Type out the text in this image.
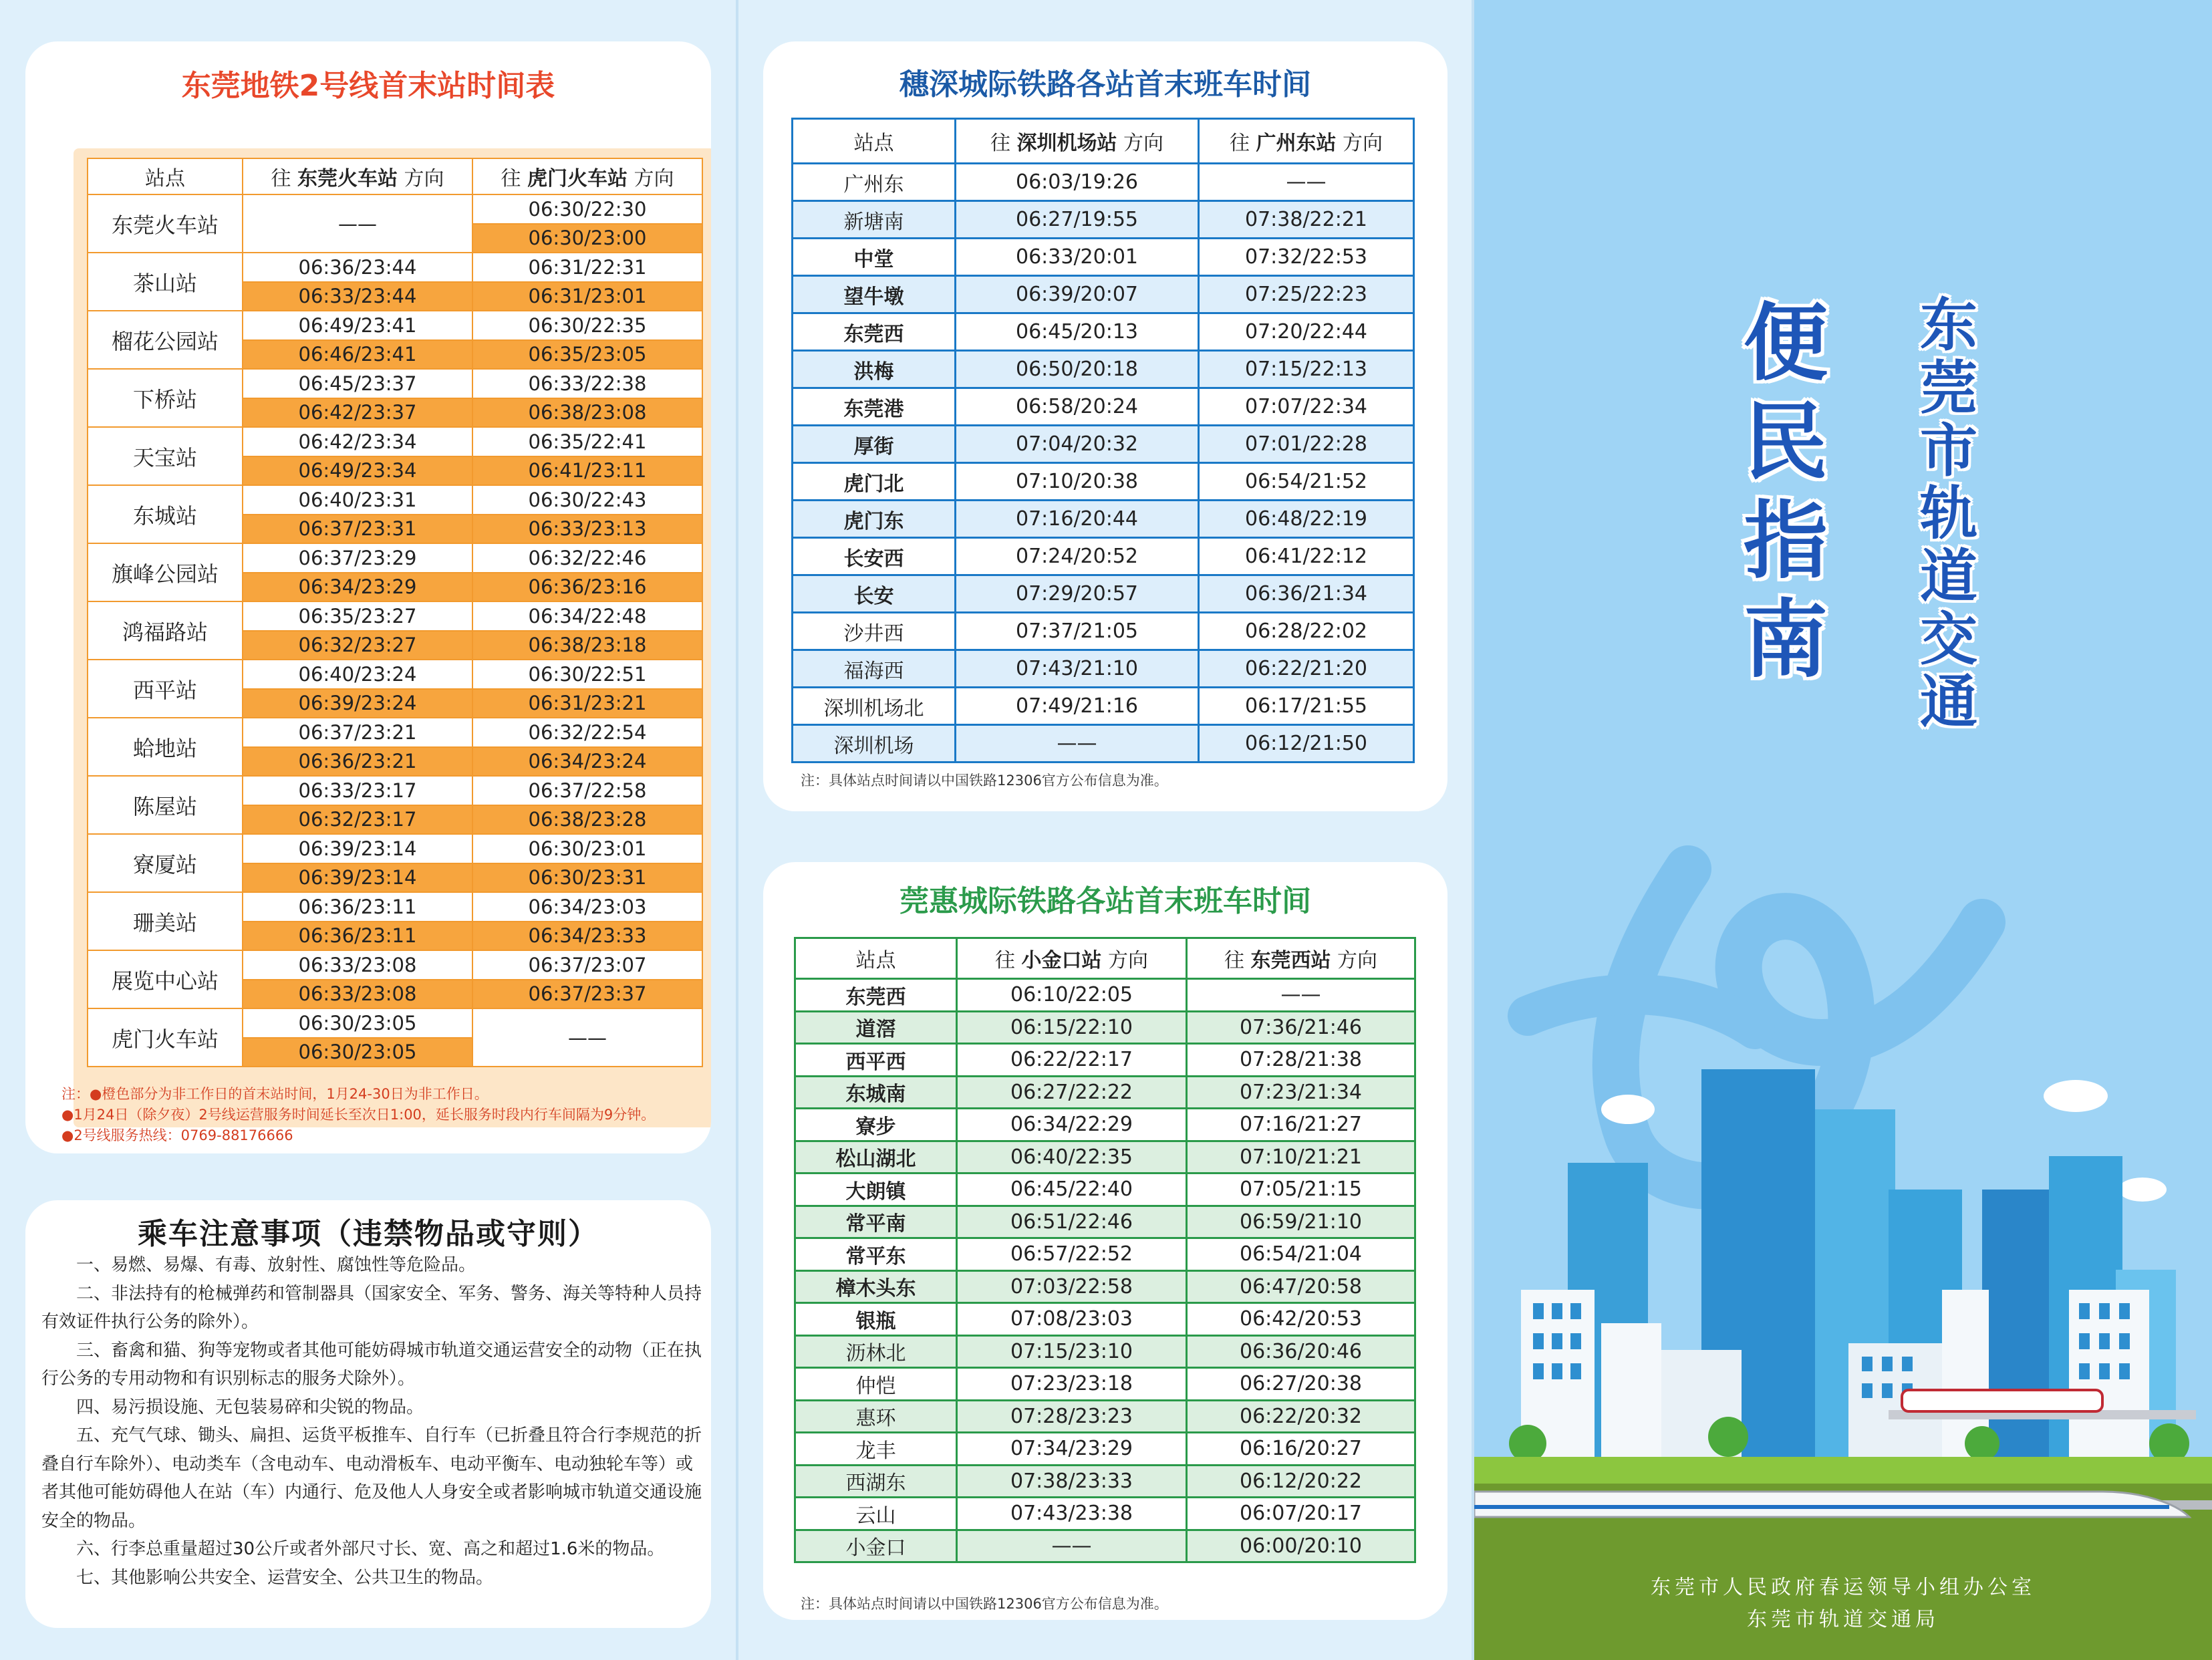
东莞地铁2号线首末站时间表
站点	往 东莞火车站 方向	往 虎门火车站 方向
东莞火车站	——	06:30/22:30
		06:30/23:00
茶山站	06:36/23:44	06:31/22:31
	06:33/23:44	06:31/23:01
榴花公园站	06:49/23:41	06:30/22:35
	06:46/23:41	06:35/23:05
下桥站	06:45/23:37	06:33/22:38
	06:42/23:37	06:38/23:08
天宝站	06:42/23:34	06:35/22:41
	06:49/23:34	06:41/23:11
东城站	06:40/23:31	06:30/22:43
	06:37/23:31	06:33/23:13
旗峰公园站	06:37/23:29	06:32/22:46
	06:34/23:29	06:36/23:16
鸿福路站	06:35/23:27	06:34/22:48
	06:32/23:27	06:38/23:18
西平站	06:40/23:24	06:30/22:51
	06:39/23:24	06:31/23:21
蛤地站	06:37/23:21	06:32/22:54
	06:36/23:21	06:34/23:24
陈屋站	06:33/23:17	06:37/22:58
	06:32/23:17	06:38/23:28
寮厦站	06:39/23:14	06:30/23:01
	06:39/23:14	06:30/23:31
珊美站	06:36/23:11	06:34/23:03
	06:36/23:11	06:34/23:33
展览中心站	06:33/23:08	06:37/23:07
	06:33/23:08	06:37/23:37
虎门火车站	06:30/23:05	——
	06:30/23:05	
注：●橙色部分为非工作日的首末站时间，1月24-30日为非工作日。
●1月24日（除夕夜）2号线运营服务时间延长至次日1:00，延长服务时段内行车间隔为9分钟。
●2号线服务热线：0769-88176666
乘车注意事项（违禁物品或守则）

一、易燃、易爆、有毒、放射性、腐蚀性等危险品。

二、非法持有的枪械弹药和管制器具（国家安全、军务、警务、海关等特种人员持有效证件执行公务的除外）。

三、畜禽和猫、狗等宠物或者其他可能妨碍城市轨道交通运营安全的动物（正在执行公务的专用动物和有识别标志的服务犬除外）。

四、易污损设施、无包装易碎和尖锐的物品。

五、充气气球、锄头、扁担、运货平板推车、自行车（已折叠且符合行李规范的折叠自行车除外）、电动类车（含电动车、电动滑板车、电动平衡车、电动独轮车等）或者其他可能妨碍他人在站（车）内通行、危及他人人身安全或者影响城市轨道交通设施安全的物品。

六、行李总重量超过30公斤或者外部尺寸长、宽、高之和超过1.6米的物品。

七、其他影响公共安全、运营安全、公共卫生的物品。

穗深城际铁路各站首末班车时间
站点	往 深圳机场站 方向	往 广州东站 方向
广州东	06:03/19:26	——
新塘南	06:27/19:55	07:38/22:21
中堂	06:33/20:01	07:32/22:53
望牛墩	06:39/20:07	07:25/22:23
东莞西	06:45/20:13	07:20/22:44
洪梅	06:50/20:18	07:15/22:13
东莞港	06:58/20:24	07:07/22:34
厚街	07:04/20:32	07:01/22:28
虎门北	07:10/20:38	06:54/21:52
虎门东	07:16/20:44	06:48/22:19
长安西	07:24/20:52	06:41/22:12
长安	07:29/20:57	06:36/21:34
沙井西	07:37/21:05	06:28/22:02
福海西	07:43/21:10	06:22/21:20
深圳机场北	07:49/21:16	06:17/21:55
深圳机场	——	06:12/21:50
注：具体站点时间请以中国铁路12306官方公布信息为准。
莞惠城际铁路各站首末班车时间
站点	往 小金口站 方向	往 东莞西站 方向
东莞西	06:10/22:05	——
道滘	06:15/22:10	07:36/21:46
西平西	06:22/22:17	07:28/21:38
东城南	06:27/22:22	07:23/21:34
寮步	06:34/22:29	07:16/21:27
松山湖北	06:40/22:35	07:10/21:21
大朗镇	06:45/22:40	07:05/21:15
常平南	06:51/22:46	06:59/21:10
常平东	06:57/22:52	06:54/21:04
樟木头东	07:03/22:58	06:47/20:58
银瓶	07:08/23:03	06:42/20:53
沥林北	07:15/23:10	06:36/20:46
仲恺	07:23/23:18	06:27/20:38
惠环	07:28/23:23	06:22/20:32
龙丰	07:34/23:29	06:16/20:27
西湖东	07:38/23:33	06:12/20:22
云山	07:43/23:38	06:07/20:17
小金口	——	06:00/20:10
注：具体站点时间请以中国铁路12306官方公布信息为准。
便
民
指
南
东
莞
市
轨
道
交
通
东莞市人民政府春运领导小组办公室
东莞市轨道交通局
